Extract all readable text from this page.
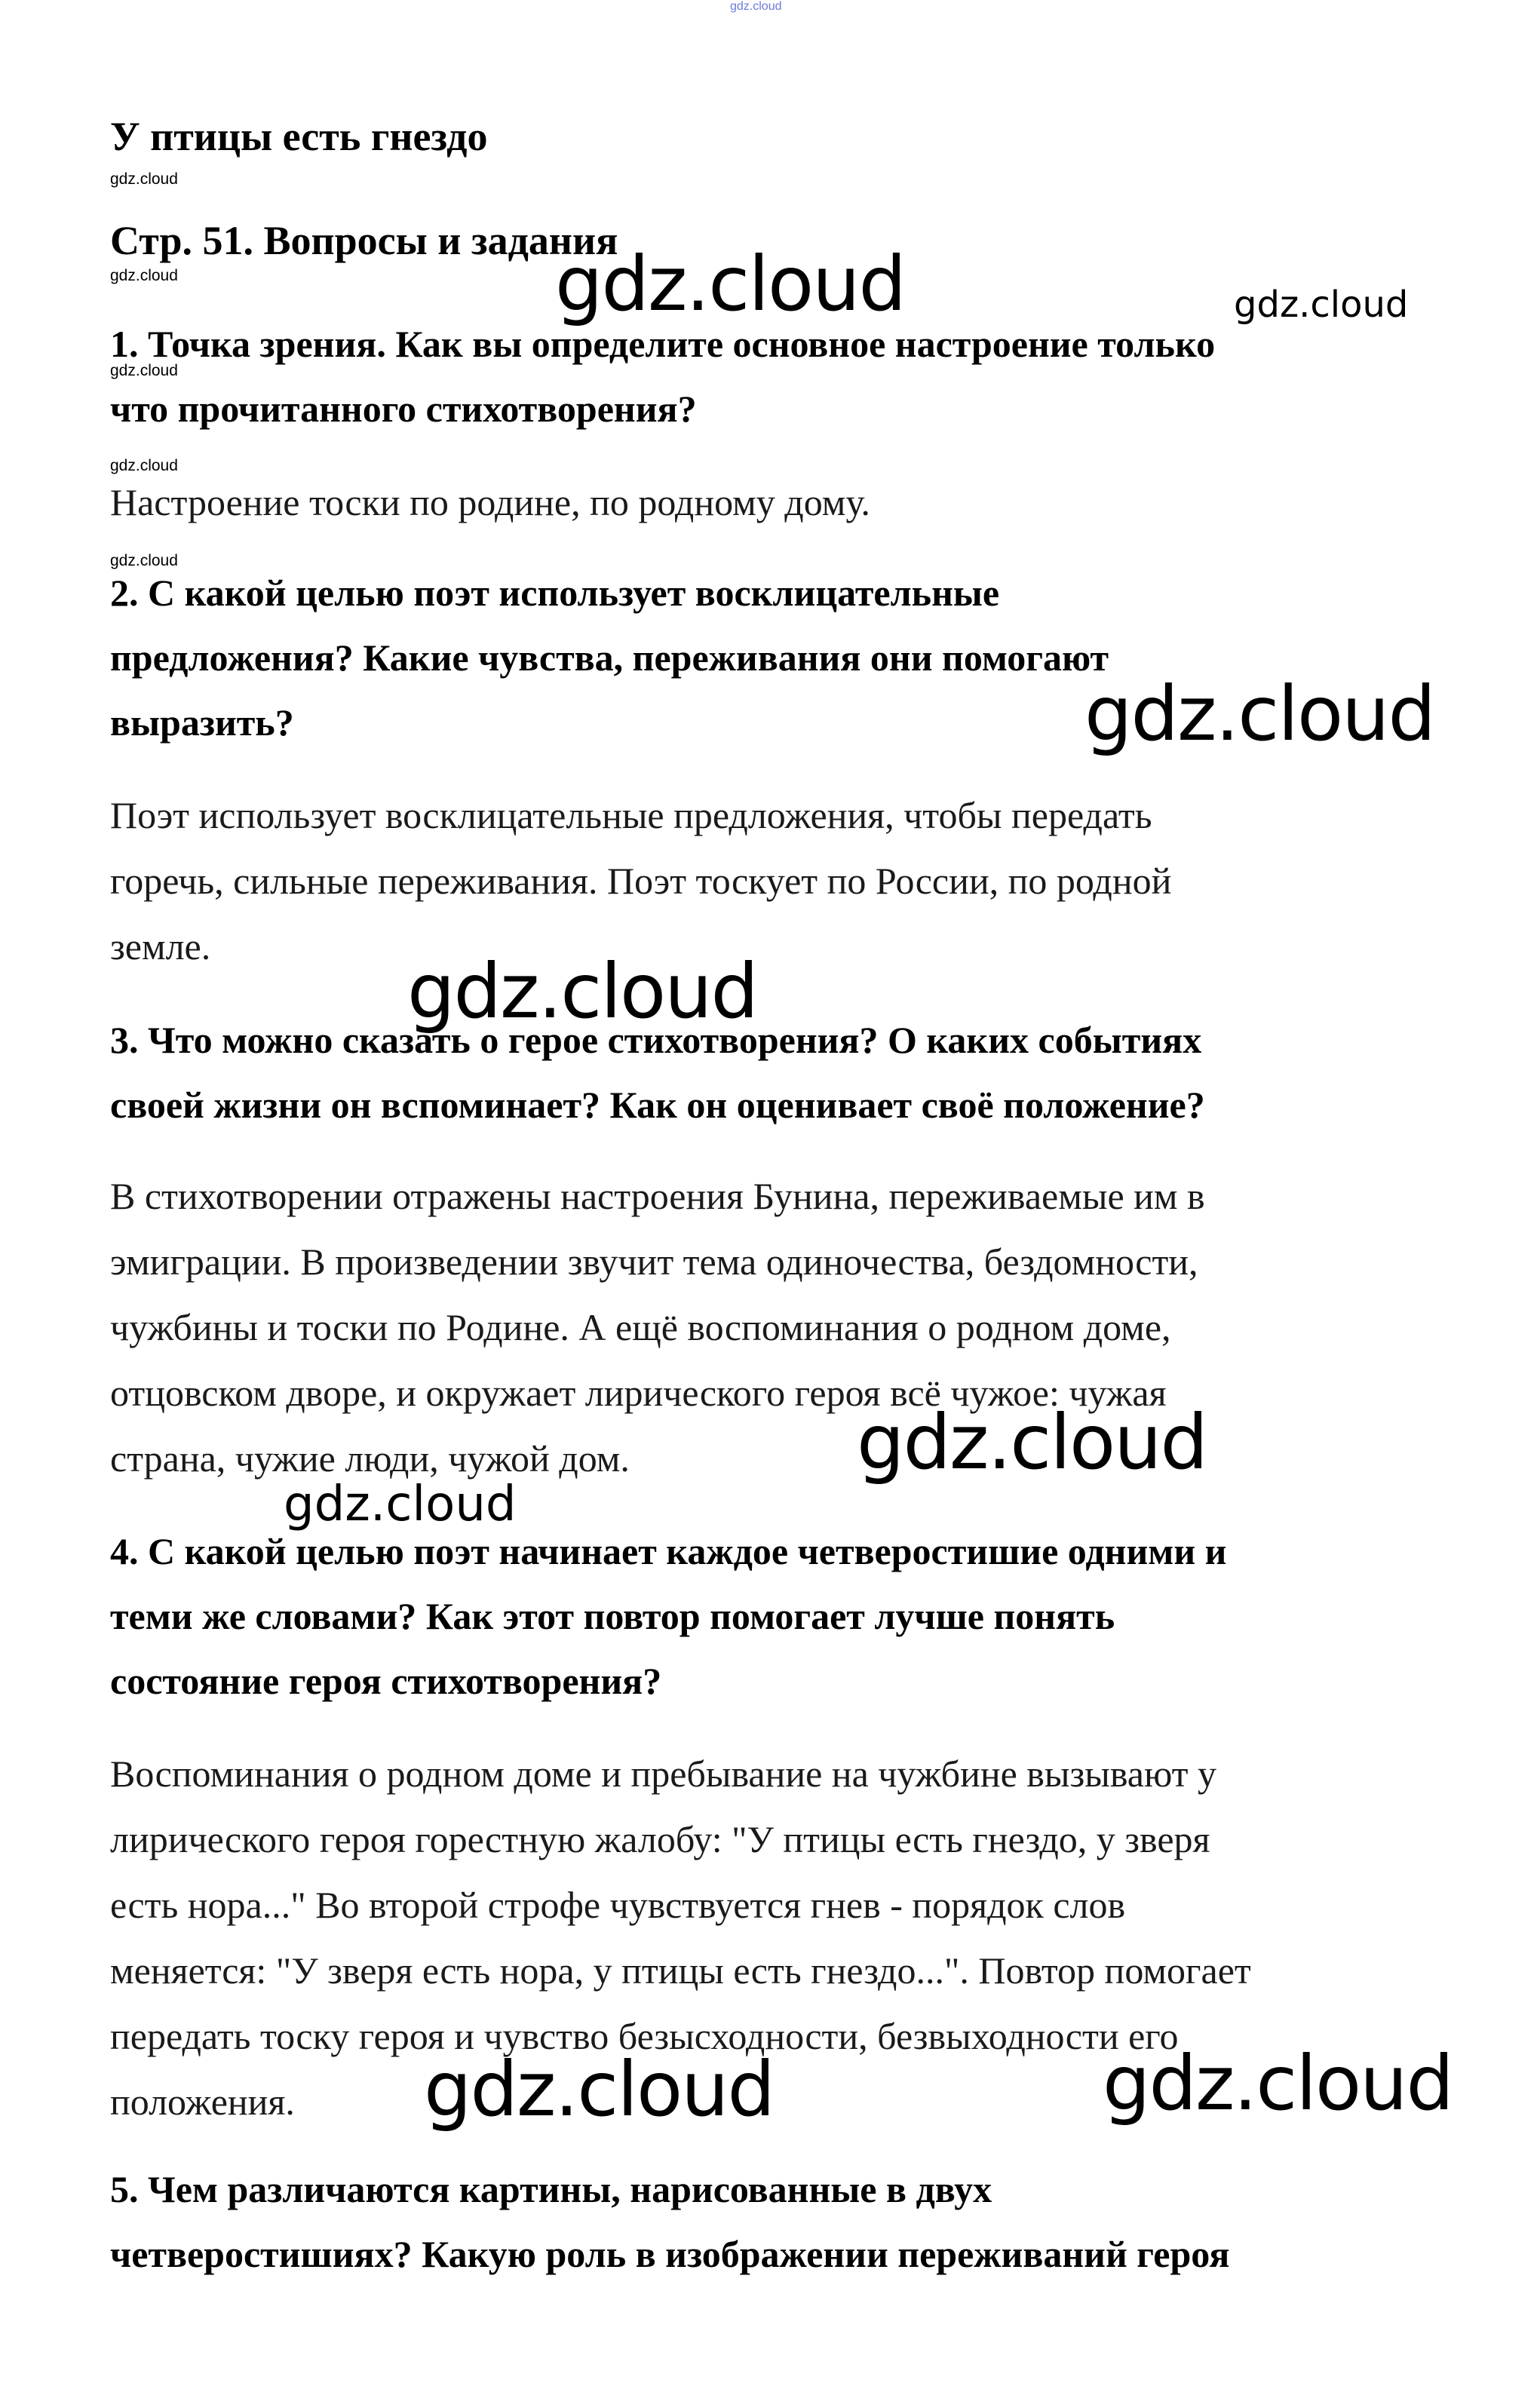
gdz.cloud
У птицы есть гнездо
gdz.cloud
Стр. 51. Вопросы и задания
gdz.cloud
gdz.cloud
1. Точка зрения. Как вы определите основное настроение только
что прочитанного стихотворения?
gdz.cloud
Настроение тоски по родине, по родному дому.
gdz.cloud
2. С какой целью поэт использует восклицательные
предложения? Какие чувства, переживания они помогают
выразить?
Поэт использует восклицательные предложения, чтобы передать
горечь, сильные переживания. Поэт тоскует по России, по родной
земле.
3. Что можно сказать о герое стихотворения? О каких событиях
своей жизни он вспоминает? Как он оценивает своё положение?
В стихотворении отражены настроения Бунина, переживаемые им в
эмиграции. В произведении звучит тема одиночества, бездомности,
чужбины и тоски по Родине. А ещё воспоминания о родном доме,
отцовском дворе, и окружает лирического героя всё чужое: чужая
страна, чужие люди, чужой дом.
4. С какой целью поэт начинает каждое четверостишие одними и
теми же словами? Как этот повтор помогает лучше понять
состояние героя стихотворения?
Воспоминания о родном доме и пребывание на чужбине вызывают у
лирического героя горестную жалобу: "У птицы есть гнездо, у зверя
есть нора..." Во второй строфе чувствуется гнев - порядок слов
меняется: "У зверя есть нора, у птицы есть гнездо...". Повтор помогает
передать тоску героя и чувство безысходности, безвыходности его
положения.
5. Чем различаются картины, нарисованные в двух
четверостишиях? Какую роль в изображении переживаний героя
gdz.cloud	gdz.cloud
gdz.cloud
gdz.cloud
gdz.cloud
gdz.cloud
gdz.cloud	gdz.cloud
